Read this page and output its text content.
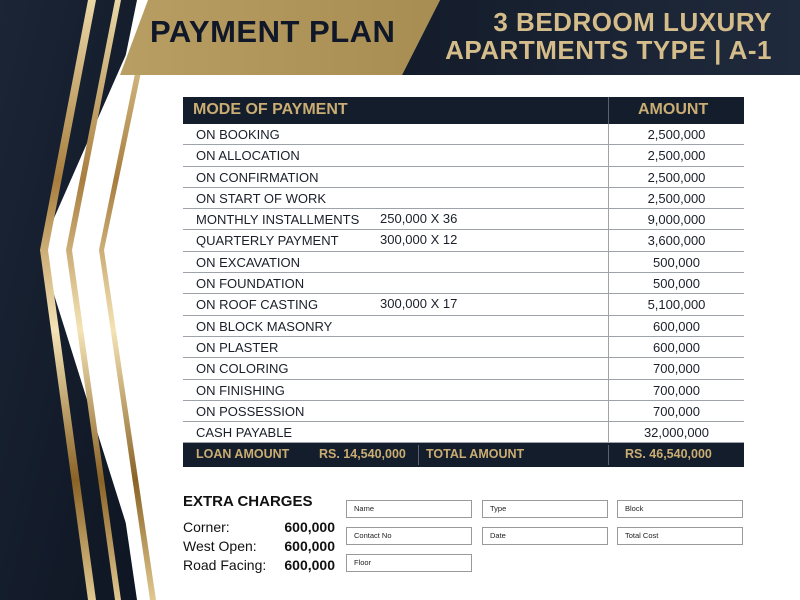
PAYMENT PLAN	3 BEDROOM LUXURY
APARTMENTS TYPE | A-1
MODE OF PAYMENT	AMOUNT
ON BOOKING	2,500,000
ON ALLOCATION	2,500,000
ON CONFIRMATION	2,500,000
ON START OF WORK	2,500,000
MONTHLY INSTALLMENTS 250,000 X 36	9,000,000
QUARTERLY PAYMENT	300,000 X 12	3,600,000
ON EXCAVATION	500,000
ON FOUNDATION	500,000
ON ROOF CASTING	300,000 X 17	5,100,000
ON BLOCK MASONRY	600,000
ON PLASTER	600,000
ON COLORING	700,000
ON FINISHING	700,000
ON POSSESSION	700,000
CASH PAYABLE	32,000,000
LOAN AMOUNT RS. 14,540,000 TOTAL AMOUNT	RS. 46,540,000
EXTRA CHARGES
Corner:	600,000
West Open: 600,000
Road Facing: 600,000
Name	Type	Block
Contact No	Date	Total Cost
Floor
